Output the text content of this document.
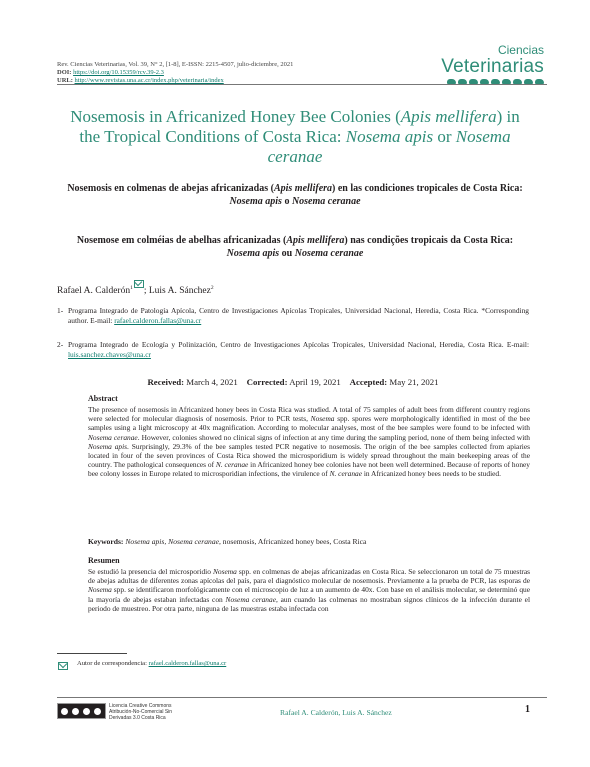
Rev. Ciencias Veterinarias, Vol. 39, N° 2, [1-8], E-ISSN: 2215-4507, julio-diciembre, 2021
DOI: https://doi.org/10.15359/rcv.39-2.3
URL: http://www.revistas.una.ac.cr/index.php/veterinaria/index
Ciencias
Veterinarias
Nosemosis in Africanized Honey Bee Colonies (Apis mellifera) in
the Tropical Conditions of Costa Rica: Nosema apis or Nosema
ceranae
Nosemosis en colmenas de abejas africanizadas (Apis mellifera) en las condiciones tropicales de Costa Rica: Nosema apis o Nosema ceranae
Nosemose em colméias de abelhas africanizadas (Apis mellifera) nas condições tropicais da Costa Rica: Nosema apis ou Nosema ceranae
Rafael A. Calderón$^1$ ; Luis A. Sánchez$^2$
1- Programa Integrado de Patología Apícola, Centro de Investigaciones Apícolas Tropicales, Universidad Nacional, Heredia, Costa Rica. *Corresponding author. E-mail: rafael.calderon.fallas@una.cr
2- Programa Integrado de Ecología y Polinización, Centro de Investigaciones Apícolas Tropicales, Universidad Nacional, Heredia, Costa Rica. E-mail: luis.sanchez.chaves@una.cr
Received: March 4, 2021 Corrected: April 19, 2021 Accepted: May 21, 2021
Abstract
The presence of nosemosis in Africanized honey bees in Costa Rica was studied. A total of 75 samples of adult bees from different country regions were selected for molecular diagnosis of nosemosis. Prior to PCR tests, Nosema spp. spores were morphologically identified in most of the bee samples using a light microscopy at 40x magnification. According to molecular analyses, most of the bee samples were found to be infected with Nosema ceranae. However, colonies showed no clinical signs of infection at any time during the sampling period, none of them being infected with Nosema apis. Surprisingly, 29.3% of the bee samples tested PCR negative to nosemosis. The origin of the bee samples collected from apiaries located in four of the seven provinces of Costa Rica showed the microsporidium is widely spread throughout the main beekeeping areas of the country. The pathological consequences of N. ceranae in Africanized honey bee colonies have not been well determined. Because of reports of honey bee colony losses in Europe related to microsporidian infections, the virulence of N. ceranae in Africanized honey bees needs to be studied.
Keywords: Nosema apis, Nosema ceranae, nosemosis, Africanized honey bees, Costa Rica
Resumen
Se estudió la presencia del microsporidio Nosema spp. en colmenas de abejas africanizadas en Costa Rica. Se seleccionaron un total de 75 muestras de abejas adultas de diferentes zonas apícolas del país, para el diagnóstico molecular de nosemosis. Previamente a la prueba de PCR, las esporas de Nosema spp. se identificaron morfológicamente con el microscopio de luz a un aumento de 40x. Con base en el análisis molecular, se determinó que la mayoría de abejas estaban infectadas con Nosema ceranae, aun cuando las colmenas no mostraban signos clínicos de la infección durante el periodo de muestreo. Por otra parte, ninguna de las muestras estaba infectada con
Autor de correspondencia: rafael.calderon.fallas@una.cr
Licencia Creative Commons Atribución-No-Comercial Sin Derivadas 3.0 Costa Rica
Rafael A. Calderón, Luis A. Sánchez	1
